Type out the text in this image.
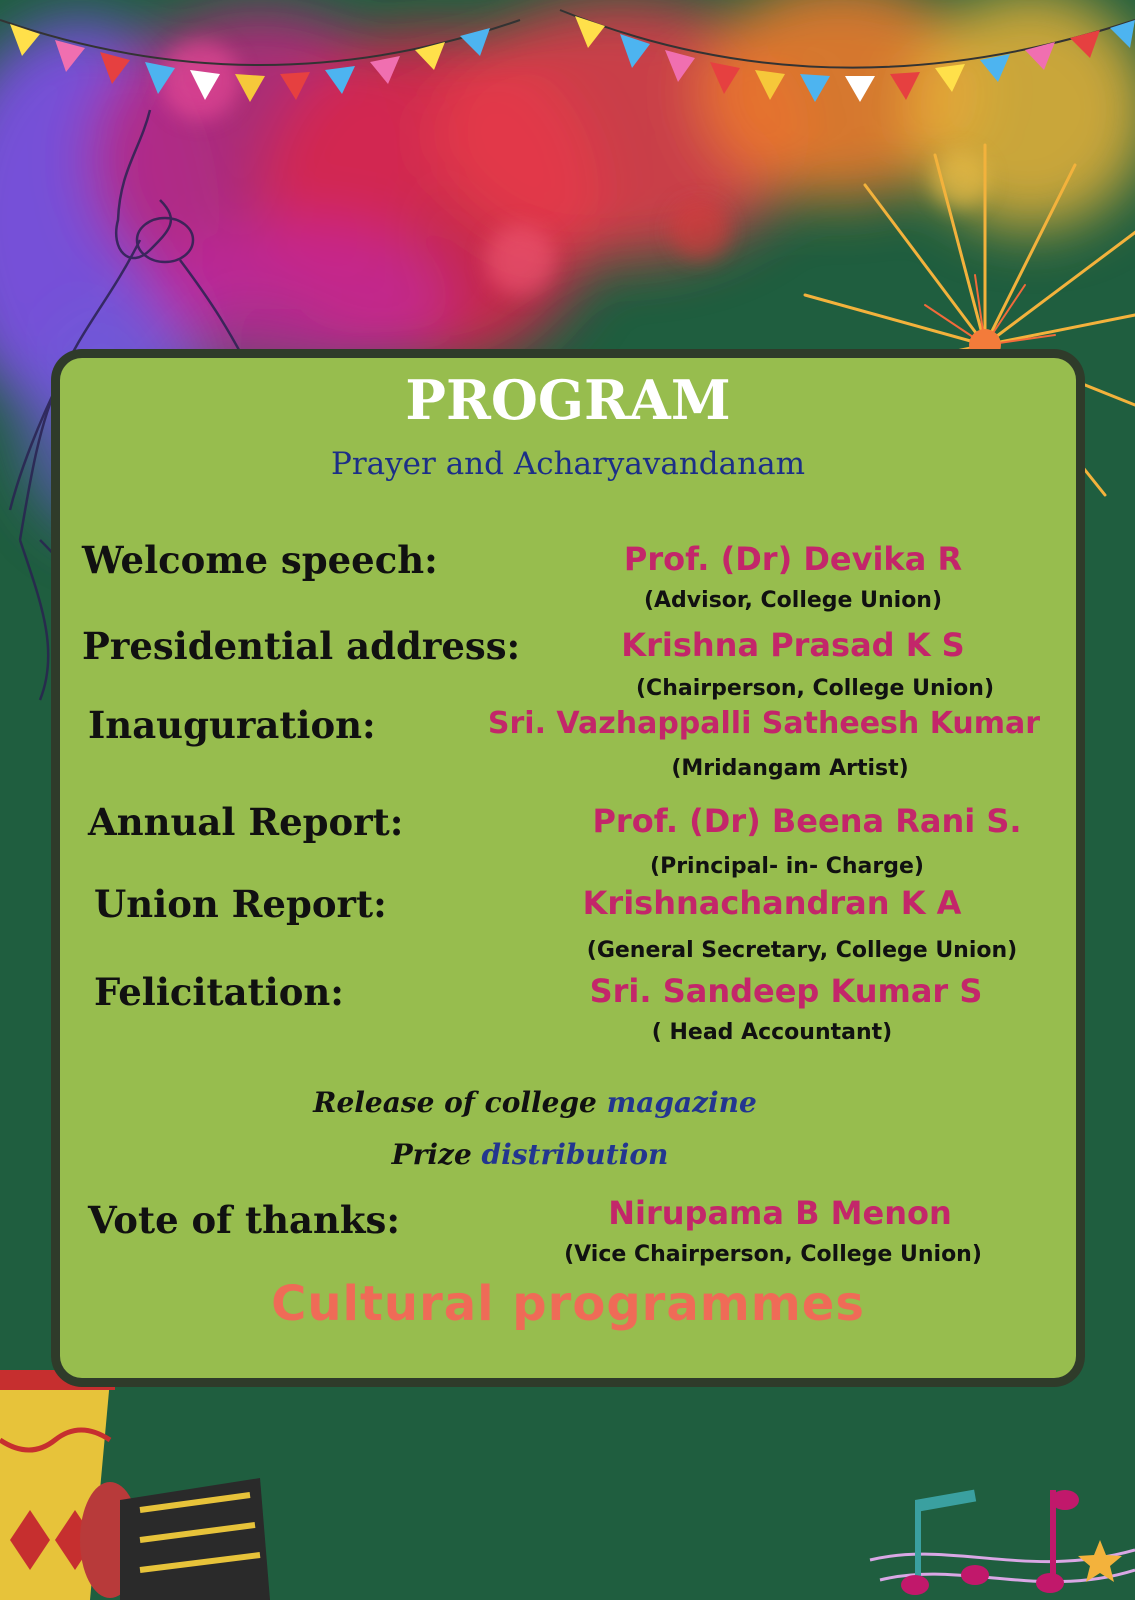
PROGRAM
Prayer and Acharyavandanam
Welcome speech:	Prof. (Dr) Devika R
(Advisor, College Union)
Presidential address:	Krishna Prasad K S
(Chairperson, College Union)
Inauguration:	Sri. Vazhappalli Satheesh Kumar
(Mridangam Artist)
Annual Report:	Prof. (Dr) Beena Rani S.
(Principal- in- Charge)
Union Report:	Krishnachandran K A
(General Secretary, College Union)
Felicitation:	Sri. Sandeep Kumar S
( Head Accountant)
Release of college magazine
Prize distribution
Vote of thanks:	Nirupama B Menon
(Vice Chairperson, College Union)
Cultural programmes
